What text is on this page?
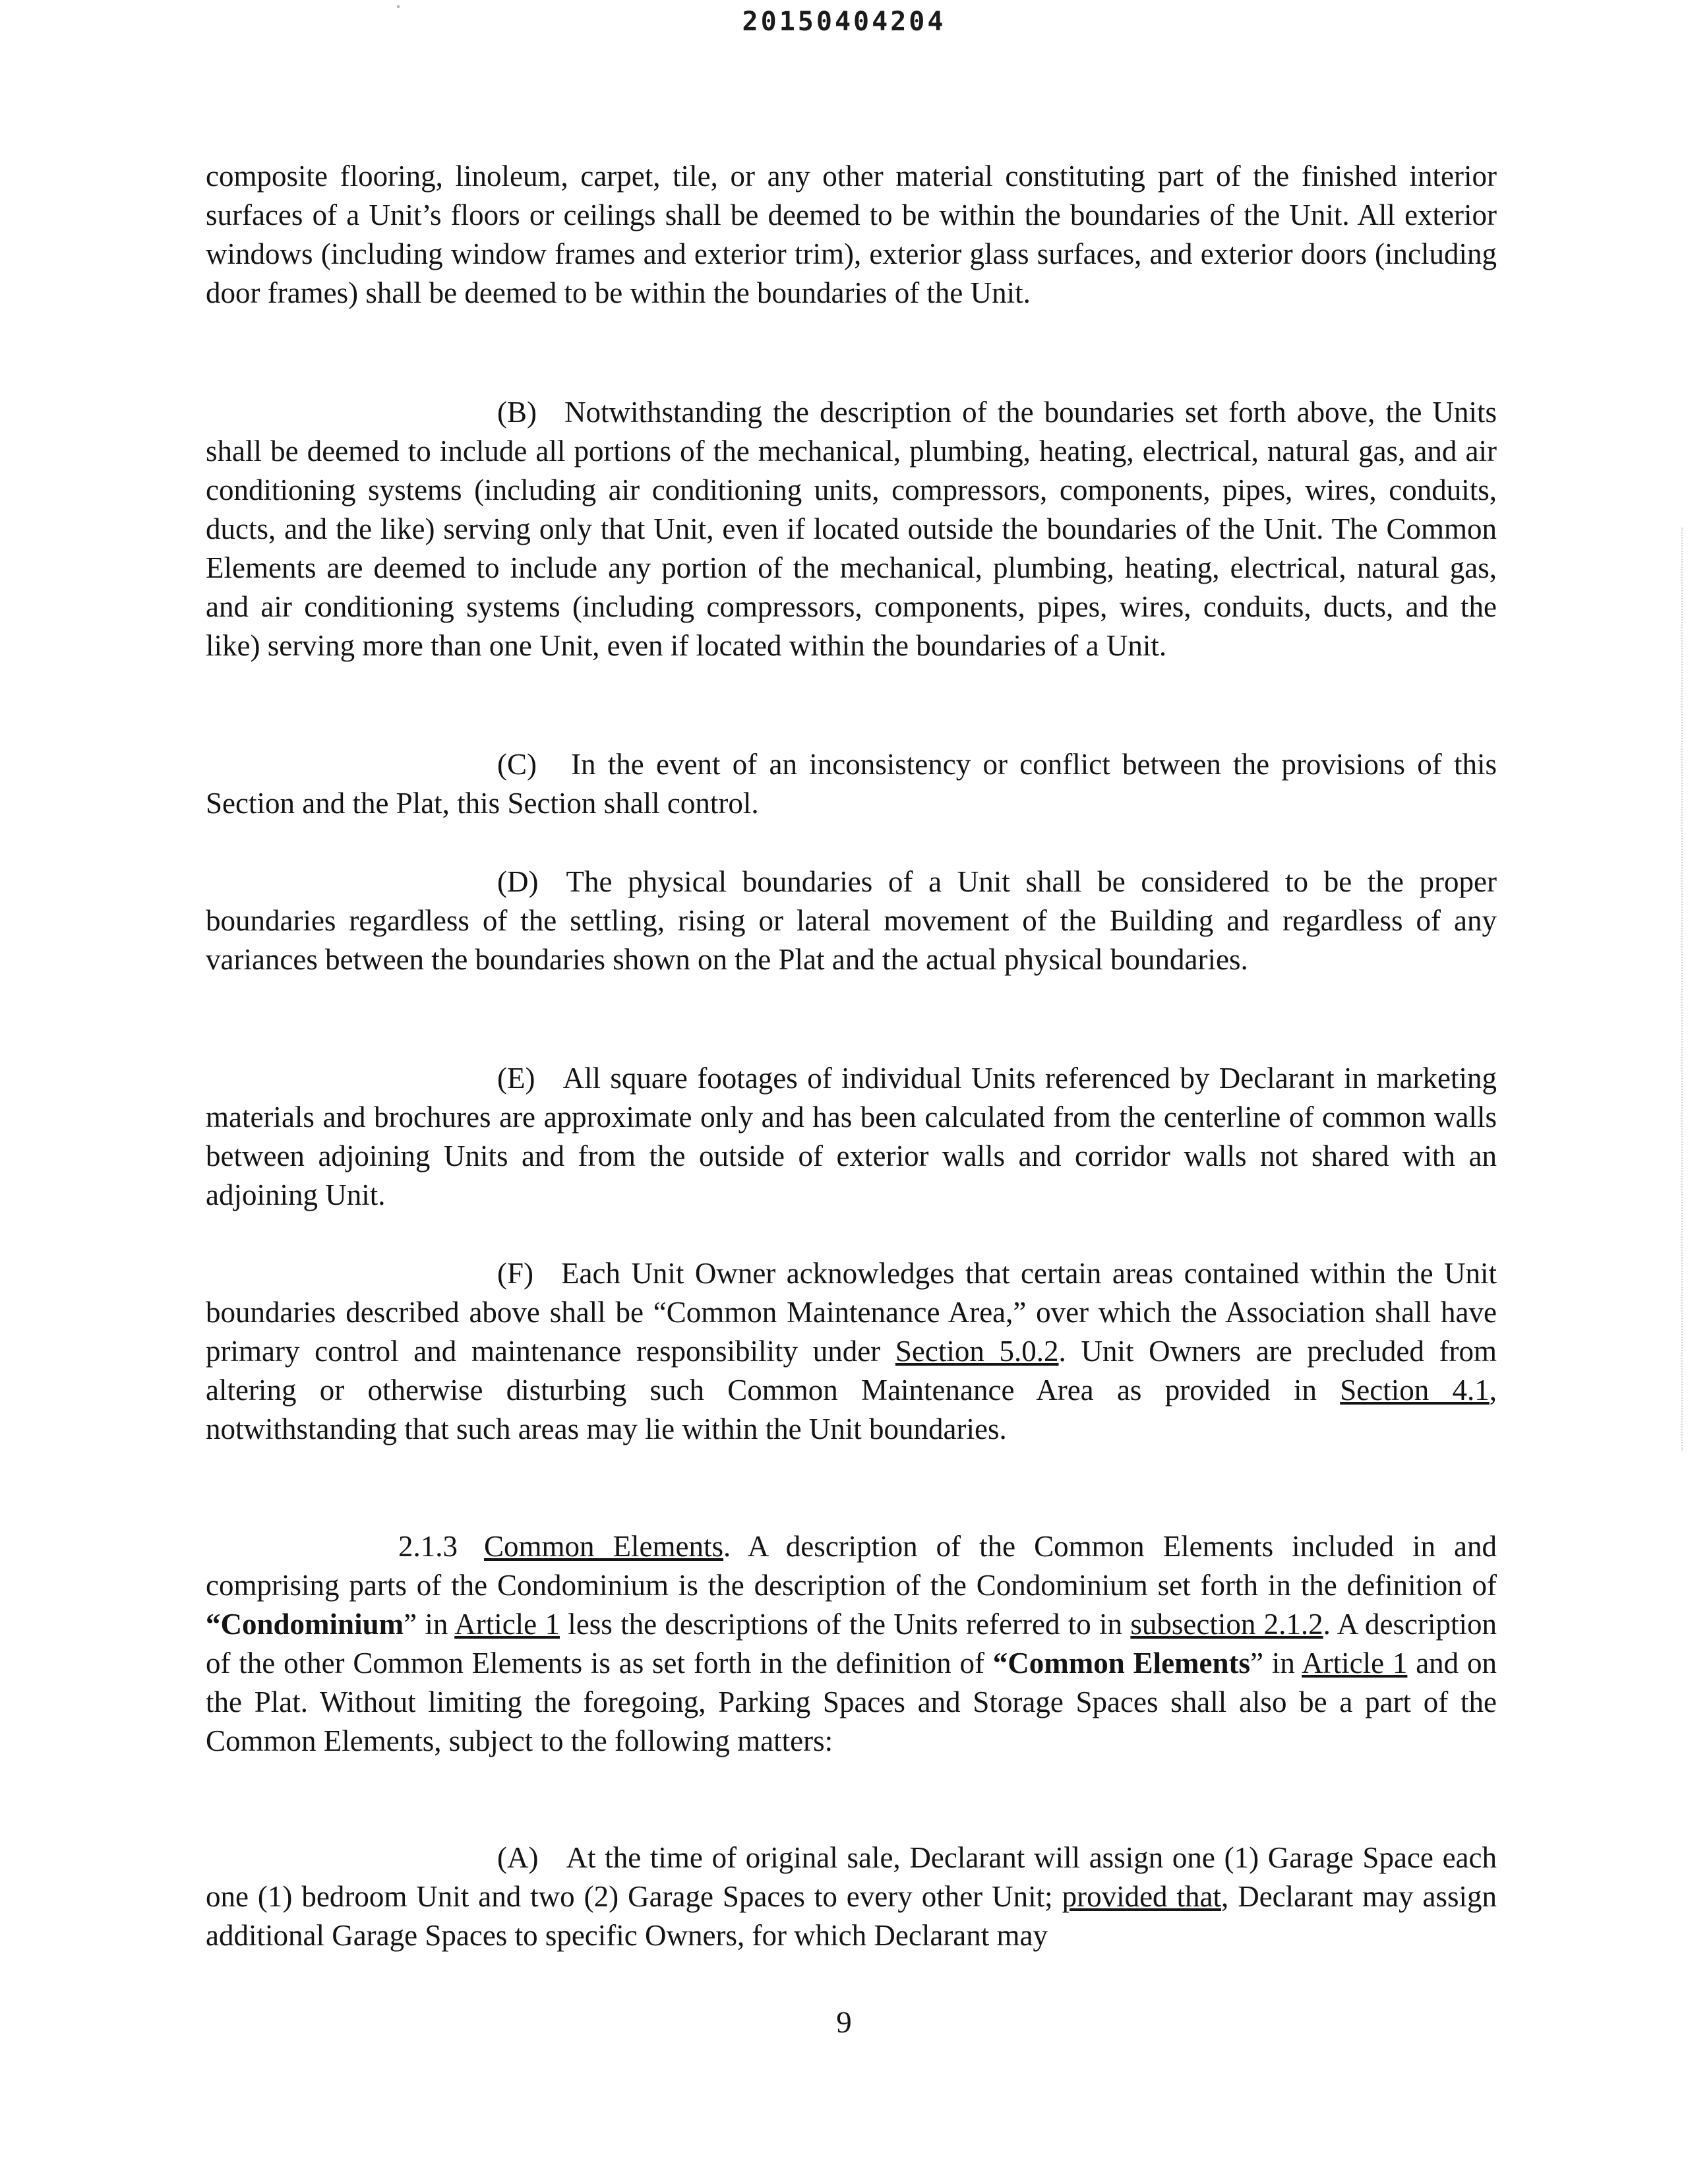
20150404204

composite flooring, linoleum, carpet, tile, or any other material constituting part of the finished interior surfaces of a Unit’s floors or ceilings shall be deemed to be within the boundaries of the Unit. All exterior windows (including window frames and exterior trim), exterior glass surfaces, and exterior doors (including door frames) shall be deemed to be within the boundaries of the Unit.

(B) Notwithstanding the description of the boundaries set forth above, the Units shall be deemed to include all portions of the mechanical, plumbing, heating, electrical, natural gas, and air conditioning systems (including air conditioning units, compressors, components, pipes, wires, conduits, ducts, and the like) serving only that Unit, even if located outside the boundaries of the Unit. The Common Elements are deemed to include any portion of the mechanical, plumbing, heating, electrical, natural gas, and air conditioning systems (including compressors, components, pipes, wires, conduits, ducts, and the like) serving more than one Unit, even if located within the boundaries of a Unit.

(C) In the event of an inconsistency or conflict between the provisions of this Section and the Plat, this Section shall control.

(D) The physical boundaries of a Unit shall be considered to be the proper boundaries regardless of the settling, rising or lateral movement of the Building and regardless of any variances between the boundaries shown on the Plat and the actual physical boundaries.

(E) All square footages of individual Units referenced by Declarant in marketing materials and brochures are approximate only and has been calculated from the centerline of common walls between adjoining Units and from the outside of exterior walls and corridor walls not shared with an adjoining Unit.

(F) Each Unit Owner acknowledges that certain areas contained within the Unit boundaries described above shall be “Common Maintenance Area,” over which the Association shall have primary control and maintenance responsibility under Section 5.0.2. Unit Owners are precluded from altering or otherwise disturbing such Common Maintenance Area as provided in Section 4.1, notwithstanding that such areas may lie within the Unit boundaries.

2.1.3 Common Elements. A description of the Common Elements included in and comprising parts of the Condominium is the description of the Condominium set forth in the definition of “Condominium” in Article 1 less the descriptions of the Units referred to in subsection 2.1.2. A description of the other Common Elements is as set forth in the definition of “Common Elements” in Article 1 and on the Plat. Without limiting the foregoing, Parking Spaces and Storage Spaces shall also be a part of the Common Elements, subject to the following matters:

(A) At the time of original sale, Declarant will assign one (1) Garage Space each one (1) bedroom Unit and two (2) Garage Spaces to every other Unit; provided that, Declarant may assign additional Garage Spaces to specific Owners, for which Declarant may

9
